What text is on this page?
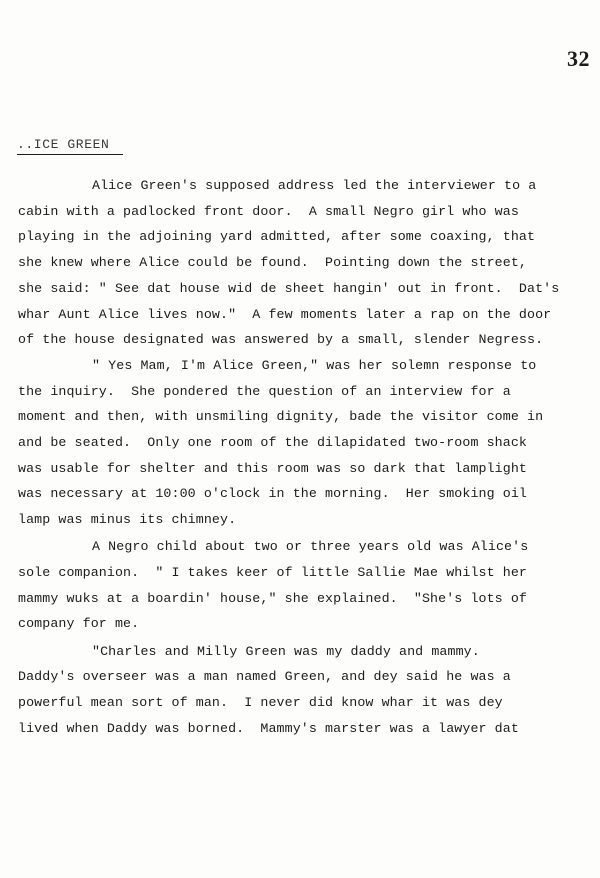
32
..ICE GREEN
Alice Green's supposed address led the interviewer to a
cabin with a padlocked front door.  A small Negro girl who was
playing in the adjoining yard admitted, after some coaxing, that
she knew where Alice could be found.  Pointing down the street,
she said: " See dat house wid de sheet hangin' out in front.  Dat's
whar Aunt Alice lives now."  A few moments later a rap on the door
of the house designated was answered by a small, slender Negress.
" Yes Mam, I'm Alice Green," was her solemn response to
the inquiry.  She pondered the question of an interview for a
moment and then, with unsmiling dignity, bade the visitor come in
and be seated.  Only one room of the dilapidated two-room shack
was usable for shelter and this room was so dark that lamplight
was necessary at 10:00 o'clock in the morning.  Her smoking oil
lamp was minus its chimney.
A Negro child about two or three years old was Alice's
sole companion.  " I takes keer of little Sallie Mae whilst her
mammy wuks at a boardin' house," she explained.  "She's lots of
company for me.
"Charles and Milly Green was my daddy and mammy.
Daddy's overseer was a man named Green, and dey said he was a
powerful mean sort of man.  I never did know whar it was dey
lived when Daddy was borned.  Mammy's marster was a lawyer dat
